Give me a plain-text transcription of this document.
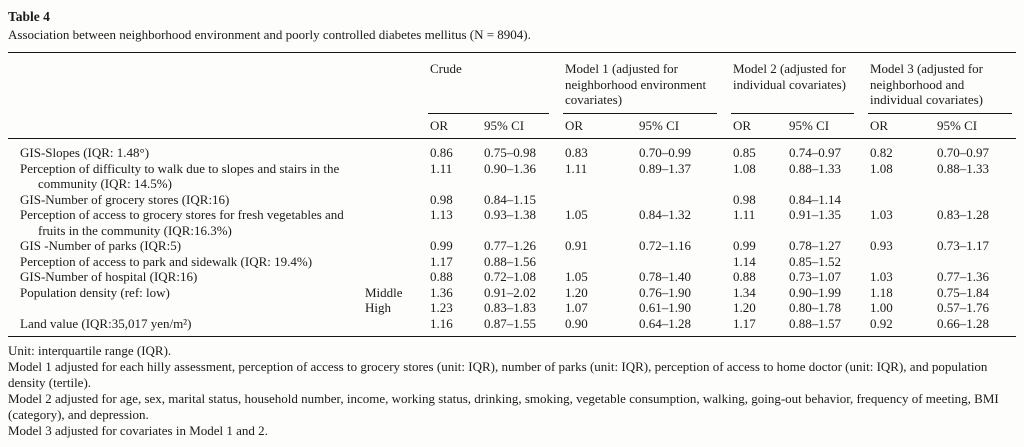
Table 4

Association between neighborhood environment and poorly controlled diabetes mellitus (N = 8904).

		Crude		Model 1 (adjusted for neighborhood environment covariates)		Model 2 (adjusted for individual covariates)		Model 3 (adjusted for neighborhood and individual covariates)	

		OR	95% CI	OR	95% CI	OR	95% CI	OR	95% CI
GIS-Slopes (IQR: 1.48°)		0.86	0.75–0.98	0.83	0.70–0.99	0.85	0.74–0.97	0.82	0.70–0.97
Perception of difficulty to walk due to slopes and stairs in the community (IQR: 14.5%)		1.11	0.90–1.36	1.11	0.89–1.37	1.08	0.88–1.33	1.08	0.88–1.33
GIS-Number of grocery stores (IQR:16)		0.98	0.84–1.15			0.98	0.84–1.14		
Perception of access to grocery stores for fresh vegetables and fruits in the community (IQR:16.3%)		1.13	0.93–1.38	1.05	0.84–1.32	1.11	0.91–1.35	1.03	0.83–1.28
GIS -Number of parks (IQR:5)		0.99	0.77–1.26	0.91	0.72–1.16	0.99	0.78–1.27	0.93	0.73–1.17
Perception of access to park and sidewalk (IQR: 19.4%)		1.17	0.88–1.56			1.14	0.85–1.52		
GIS-Number of hospital (IQR:16)		0.88	0.72–1.08	1.05	0.78–1.40	0.88	0.73–1.07	1.03	0.77–1.36
Population density (ref: low)	Middle	1.36	0.91–2.02	1.20	0.76–1.90	1.34	0.90–1.99	1.18	0.75–1.84
	High	1.23	0.83–1.83	1.07	0.61–1.90	1.20	0.80–1.78	1.00	0.57–1.76
Land value (IQR:35,017 yen/m²)		1.16	0.87–1.55	0.90	0.64–1.28	1.17	0.88–1.57	0.92	0.66–1.28

Unit: interquartile range (IQR).

Model 1 adjusted for each hilly assessment, perception of access to grocery stores (unit: IQR), number of parks (unit: IQR), perception of access to home doctor (unit: IQR), and population density (tertile).

Model 2 adjusted for age, sex, marital status, household number, income, working status, drinking, smoking, vegetable consumption, walking, going-out behavior, frequency of meeting, BMI (category), and depression.

Model 3 adjusted for covariates in Model 1 and 2.
